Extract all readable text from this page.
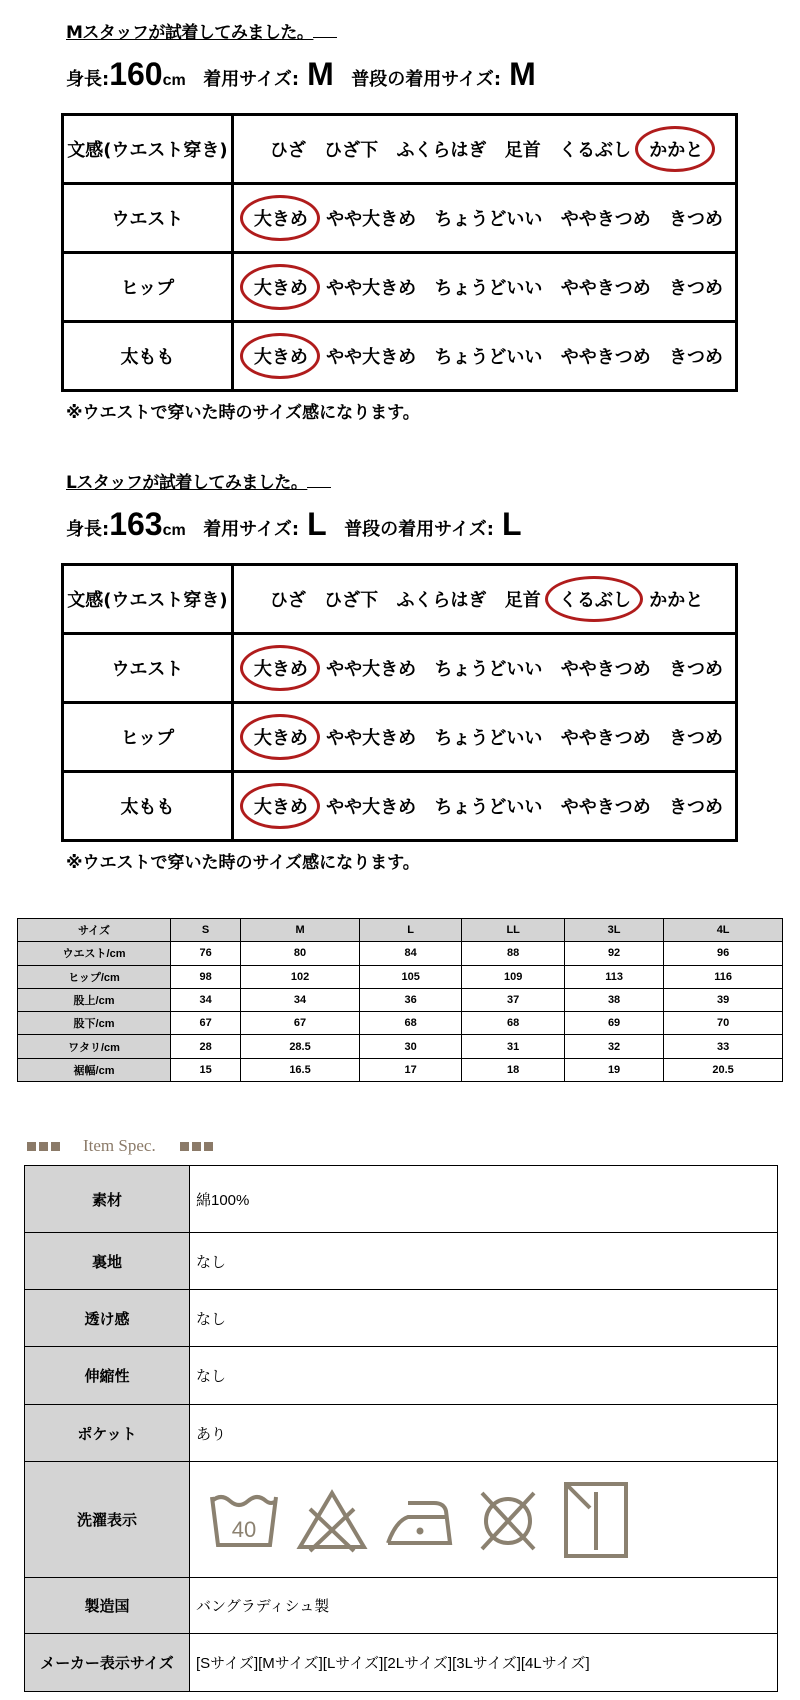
Mスタッフが試着してみました。
身長:160cm 着用サイズ: M 普段の着用サイズ: M
文感(ウエスト穿き)	ひざ ひざ下 ふくらはぎ 足首 くるぶし かかと
ウエスト	大きめ やや大きめ ちょうどいい ややきつめ きつめ
ヒップ	大きめ やや大きめ ちょうどいい ややきつめ きつめ
太もも	大きめ やや大きめ ちょうどいい ややきつめ きつめ
※ウエストで穿いた時のサイズ感になります。
Lスタッフが試着してみました。
身長:163cm 着用サイズ: L 普段の着用サイズ: L
文感(ウエスト穿き)	ひざ ひざ下 ふくらはぎ 足首 くるぶし かかと
ウエスト	大きめ やや大きめ ちょうどいい ややきつめ きつめ
ヒップ	大きめ やや大きめ ちょうどいい ややきつめ きつめ
太もも	大きめ やや大きめ ちょうどいい ややきつめ きつめ
※ウエストで穿いた時のサイズ感になります。
サイズ	S	M	L	LL	3L	4L
ウエスト/cm	76	80	84	88	92	96
ヒップ/cm	98	102	105	109	113	116
股上/cm	34	34	36	37	38	39
股下/cm	67	67	68	68	69	70
ワタリ/cm	28	28.5	30	31	32	33
裾幅/cm	15	16.5	17	18	19	20.5
Item Spec.
素材	綿100%
裏地	なし
透け感	なし
伸縮性	なし
ポケット	あり
洗濯表示	40

製造国	バングラディシュ製
メーカー表示サイズ	[Sサイズ][Mサイズ][Lサイズ][2Lサイズ][3Lサイズ][4Lサイズ]
